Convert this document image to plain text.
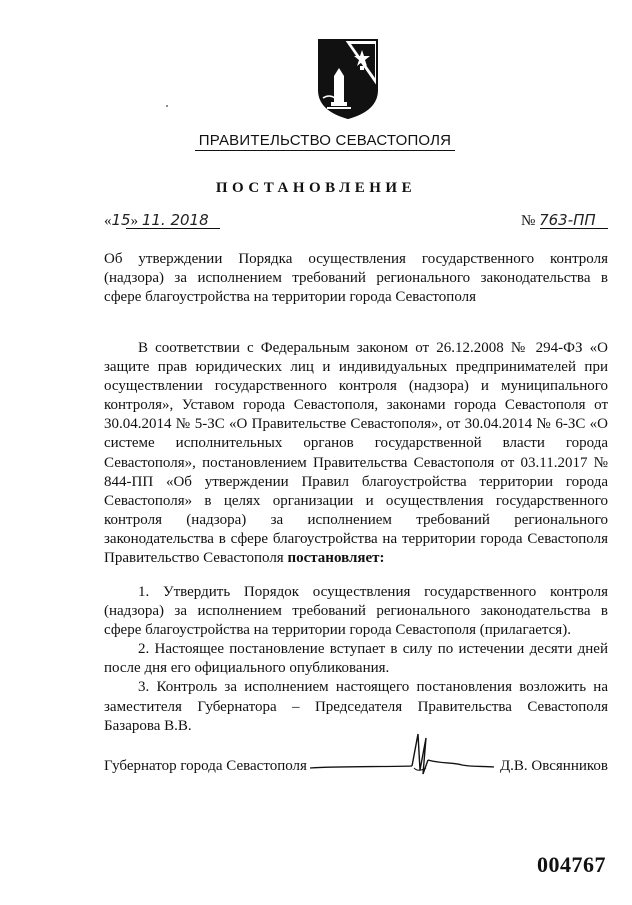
ПРАВИТЕЛЬСТВО СЕВАСТОПОЛЯ
ПОСТАНОВЛЕНИЕ
«15» 11. 2018	№ 763-ПП
Об утверждении Порядка осуществления государственного контроля (надзора) за исполнением требований регионального законодательства в сфере благоустройства на территории города Севастополя
В соответствии с Федеральным законом от 26.12.2008 № 294-ФЗ «О защите прав юридических лиц и индивидуальных предпринимателей при осуществлении государственного контроля (надзора) и муниципального контроля», Уставом города Севастополя, законами города Севастополя от 30.04.2014 № 5-ЗС «О Правительстве Севастополя», от 30.04.2014 № 6-ЗС «О системе исполнительных органов государственной власти города Севастополя», постановлением Правительства Севастополя от 03.11.2017 № 844-ПП «Об утверждении Правил благоустройства территории города Севастополя» в целях организации и осуществления государственного контроля (надзора) за исполнением требований регионального законодательства в сфере благоустройства на территории города Севастополя Правительство Севастополя постановляет:

1. Утвердить Порядок осуществления государственного контроля (надзора) за исполнением требований регионального законодательства в сфере благоустройства на территории города Севастополя (прилагается).

2. Настоящее постановление вступает в силу по истечении десяти дней после дня его официального опубликования.

3. Контроль за исполнением настоящего постановления возложить на заместителя Губернатора – Председателя Правительства Севастополя Базарова В.В.

Губернатор города Севастополя	Д.В. Овсянников
004767
